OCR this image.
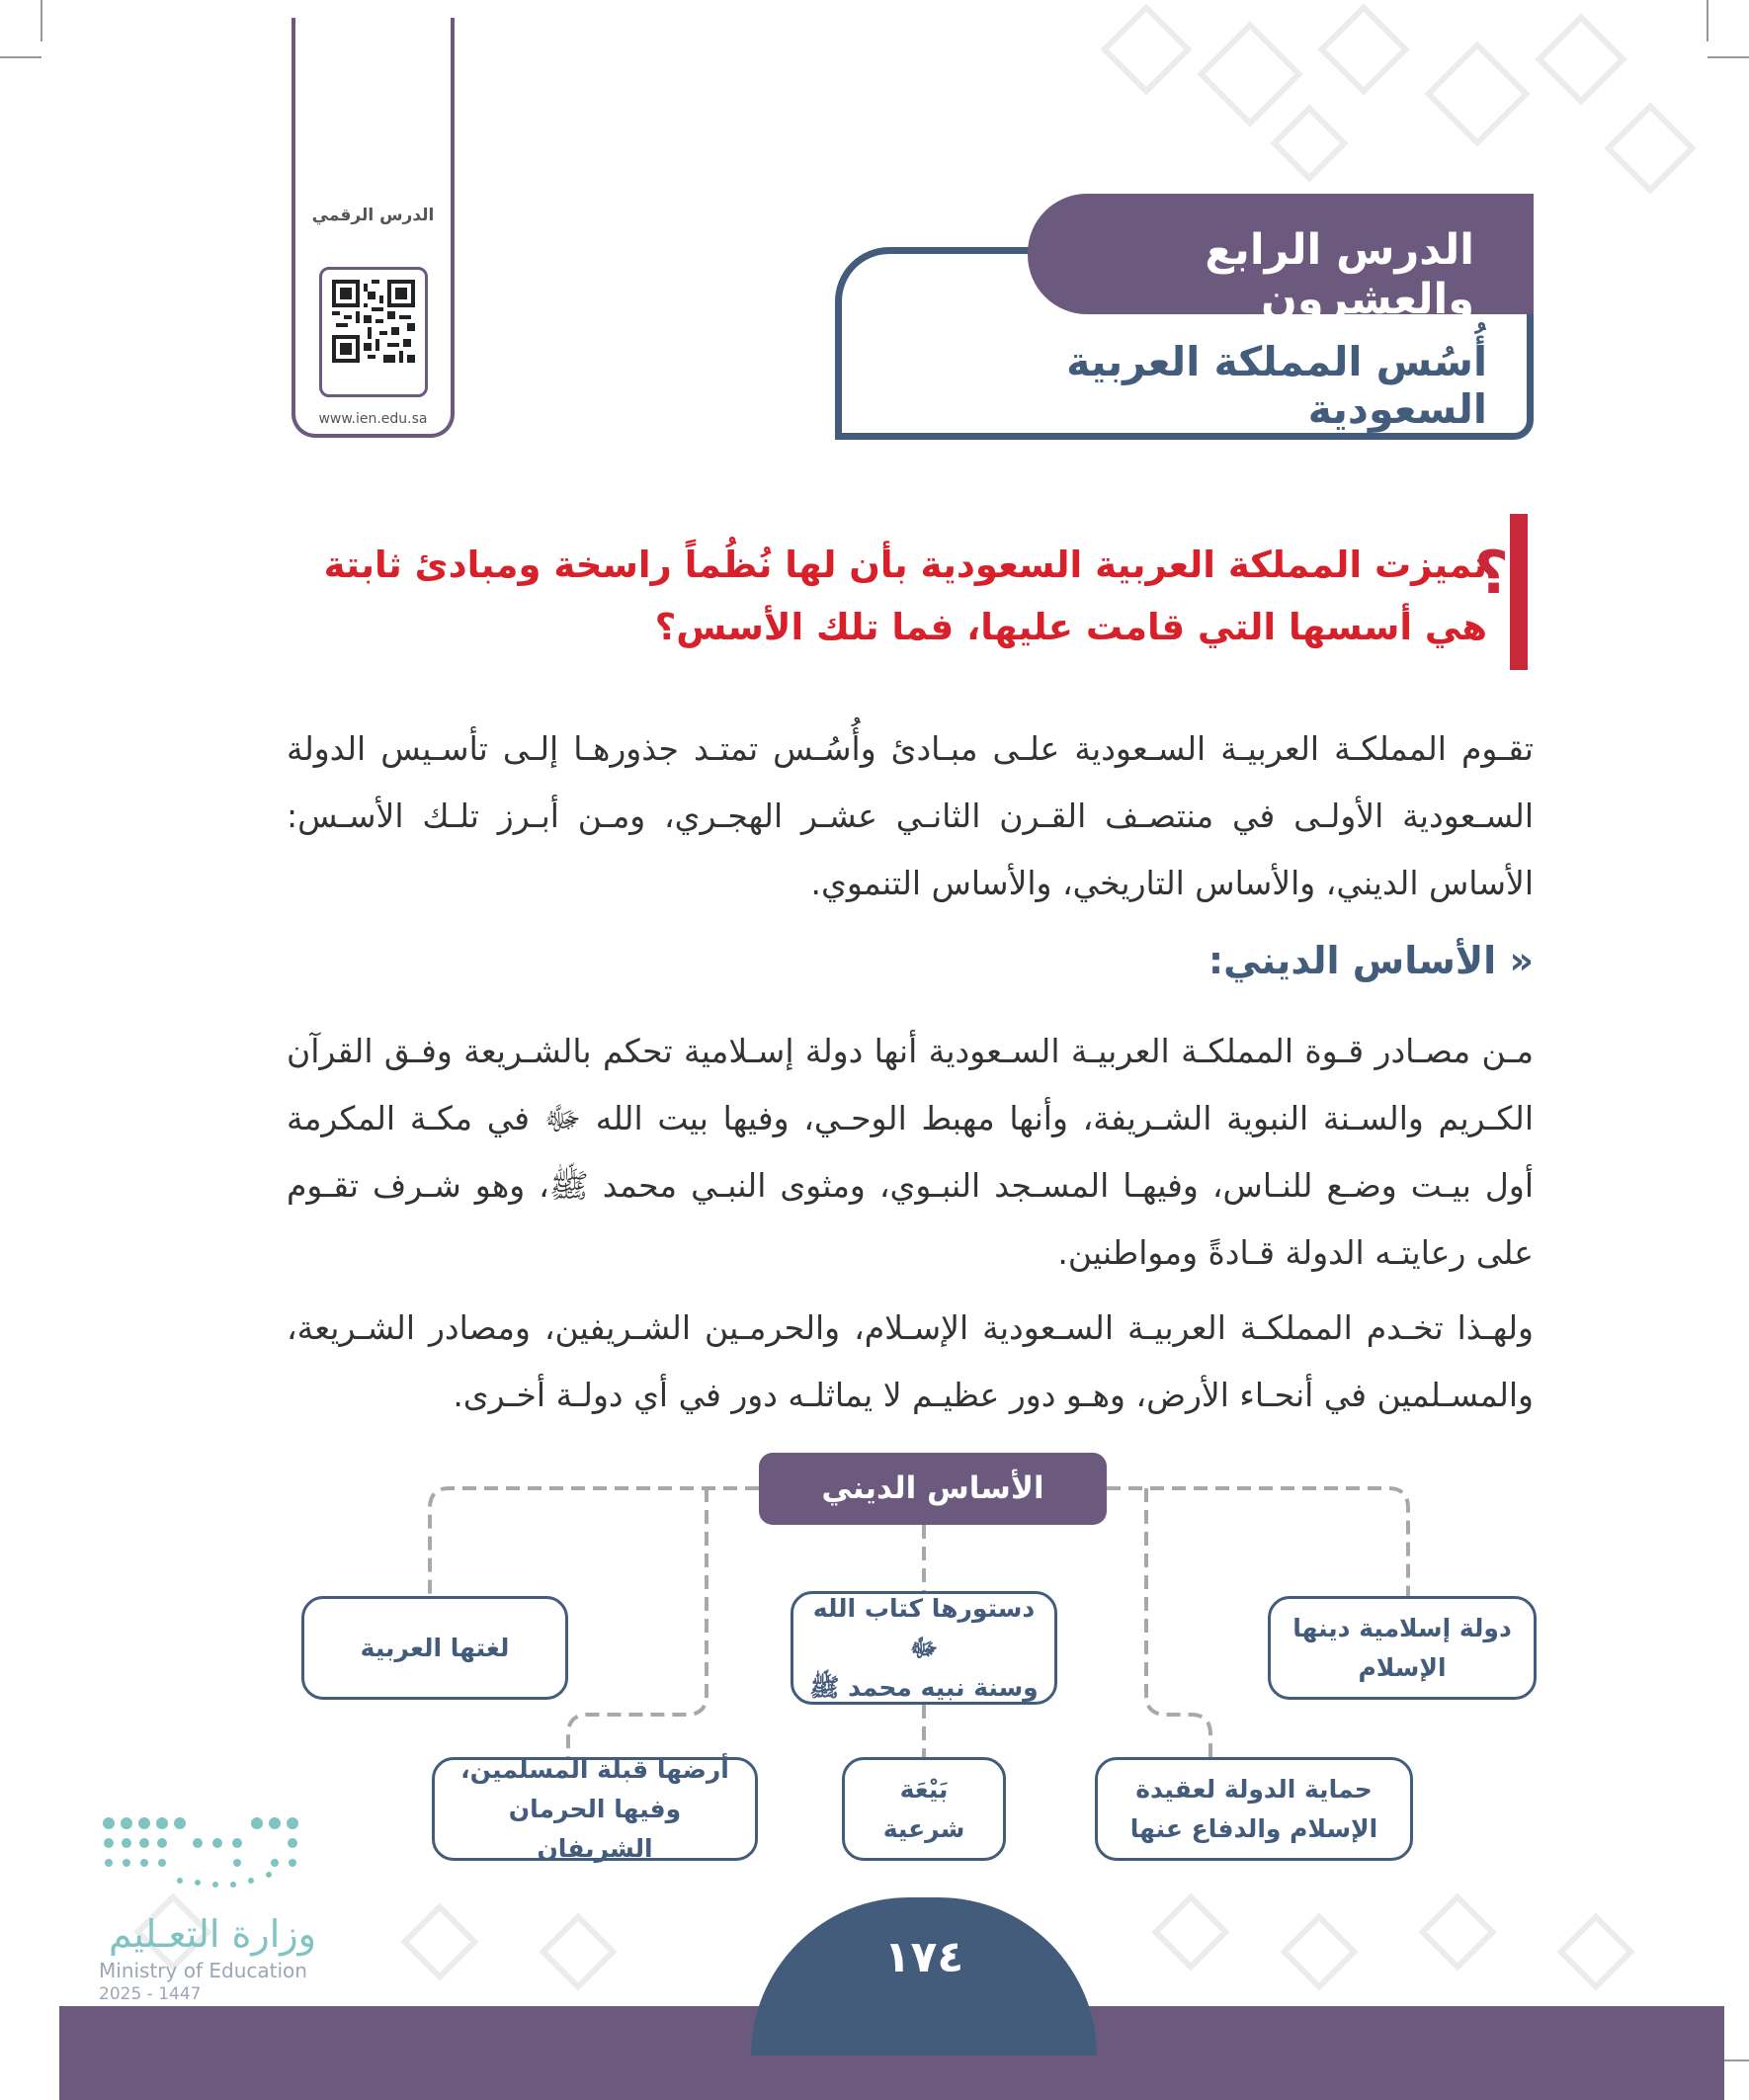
الدرس الرقمي
www.ien.edu.sa
أُسُس المملكة العربية السعودية
الدرس الرابع والعشرون
؟
تميزت المملكة العربية السعودية بأن لها نُظُماً راسخة ومبادئ ثابتة هي أسسها التي قامت عليها، فما تلك الأسس؟
تقـوم المملكـة العربيـة السـعودية علـى مبـادئ وأُسُـس تمتـد جذورهـا إلـى تأسـيس الدولة السـعودية الأولـى في منتصـف القـرن الثانـي عشـر الهجـري، ومـن أبـرز تلـك الأسـس: الأساس الديني، والأساس التاريخي، والأساس التنموي.
« الأساس الديني:
مـن مصـادر قـوة المملكـة العربيـة السـعودية أنها دولة إسـلامية تحكم بالشـريعة وفـق القرآن الكـريم والسـنة النبوية الشـريفة، وأنها مهبط الوحـي، وفيها بيت الله ﷻ في مكـة المكرمة أول بيـت وضـع للنـاس، وفيهـا المسـجد النبـوي، ومثوى النبـي محمد ﷺ، وهو شـرف تقـوم على رعايتـه الدولة قـادةً ومواطنين.
ولهـذا تخـدم المملكـة العربيـة السـعودية الإسـلام، والحرمـين الشـريفين، ومصادر الشـريعة، والمسـلمين في أنحـاء الأرض، وهـو دور عظيـم لا يماثلـه دور في أي دولـة أخـرى.
الأساس الديني
دولة إسلامية دينها
الإسلام
دستورها كتاب الله ﷻ
وسنة نبيه محمد ﷺ
لغتها العربية
حماية الدولة لعقيدة
الإسلام والدفاع عنها
بَيْعَة
شرعية
أرضها قبلة المسلمين،
وفيها الحرمان الشريفان
وزارة التعـليم
Ministry of Education
2025 - 1447
١٧٤
